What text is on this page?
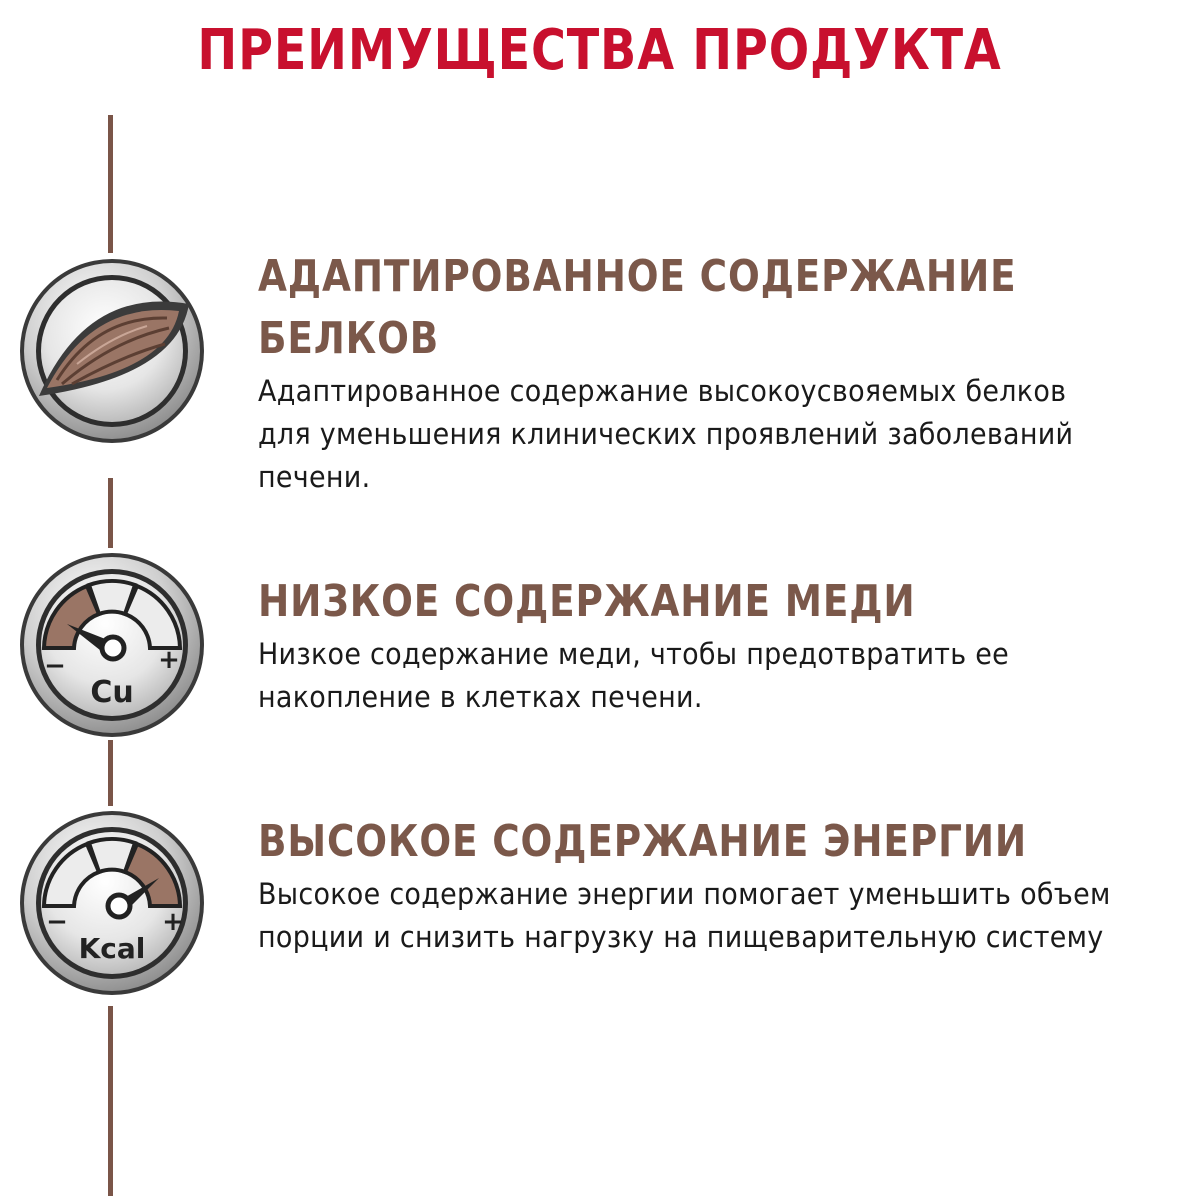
ПРЕИМУЩЕСТВА ПРОДУКТА
−	+
Cu
−	+
Kcal
АДАПТИРОВАННОЕ СОДЕРЖАНИЕ БЕЛКОВ
Адаптированное содержание высокоусвояемых белков для уменьшения клинических проявлений заболеваний печени.
НИЗКОЕ СОДЕРЖАНИЕ МЕДИ
Низкое содержание меди, чтобы предотвратить ее накопление в клетках печени.
ВЫСОКОЕ СОДЕРЖАНИЕ ЭНЕРГИИ
Высокое содержание энергии помогает уменьшить объем порции и снизить нагрузку на пищеварительную систему
